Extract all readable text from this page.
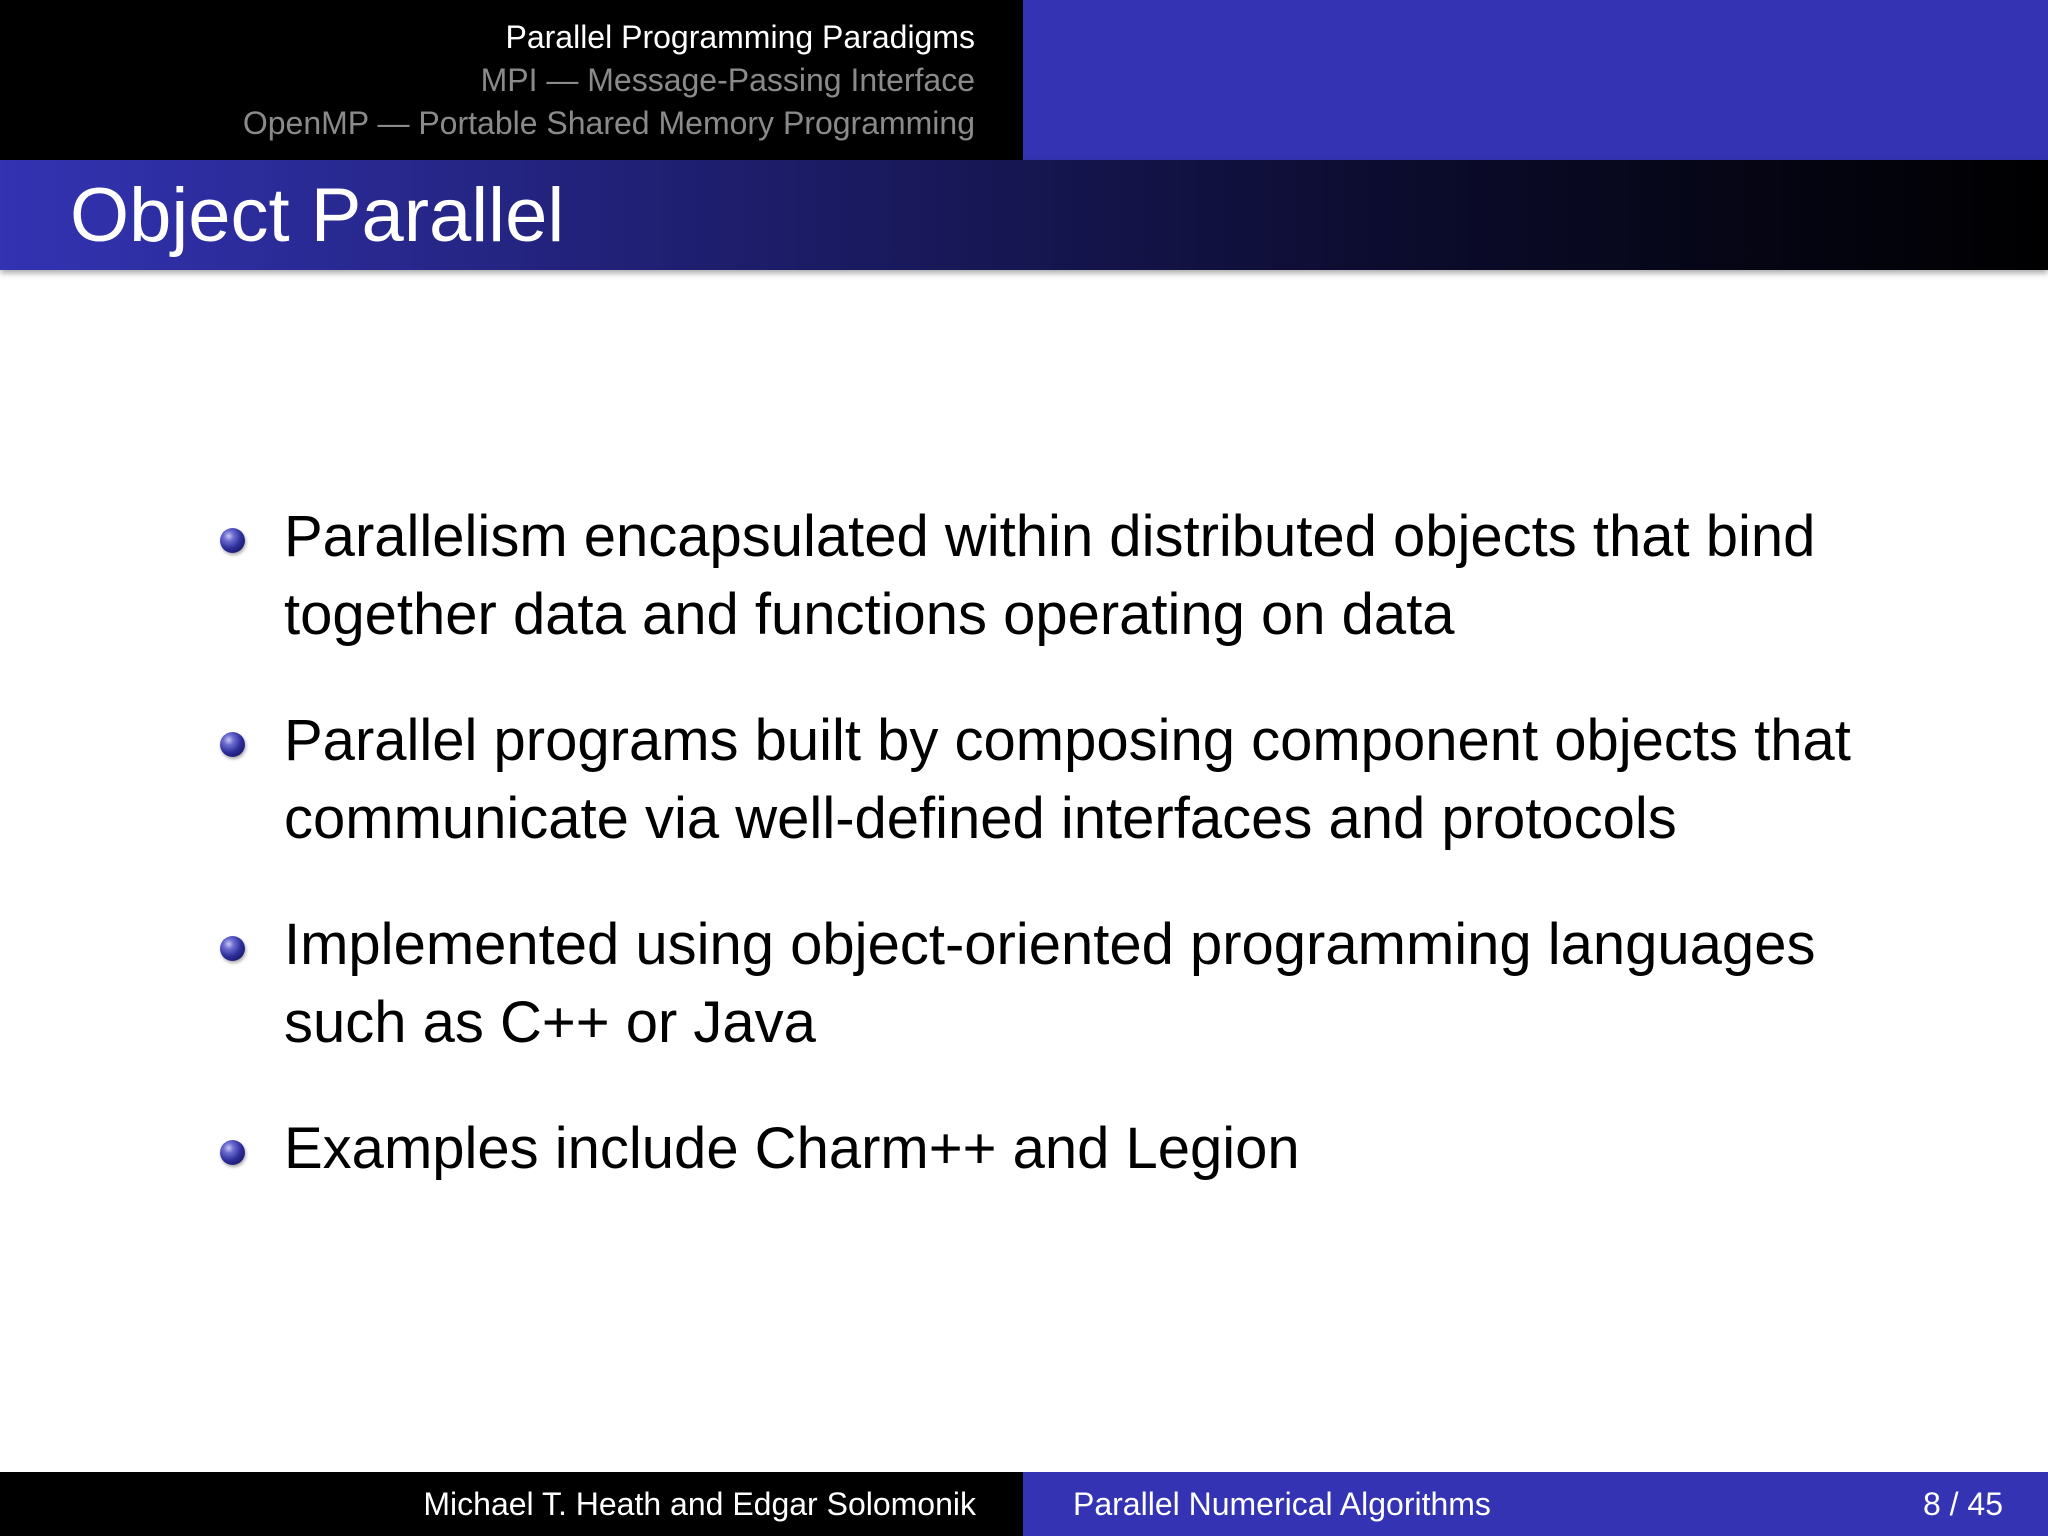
Parallel Programming Paradigms
MPI — Message-Passing Interface
OpenMP — Portable Shared Memory Programming
Object Parallel
Parallelism encapsulated within distributed objects that bind together data and functions operating on data
Parallel programs built by composing component objects that communicate via well-defined interfaces and protocols
Implemented using object-oriented programming languages such as C++ or Java
Examples include Charm++ and Legion
Michael T. Heath and Edgar Solomonik	Parallel Numerical Algorithms	8 / 45
